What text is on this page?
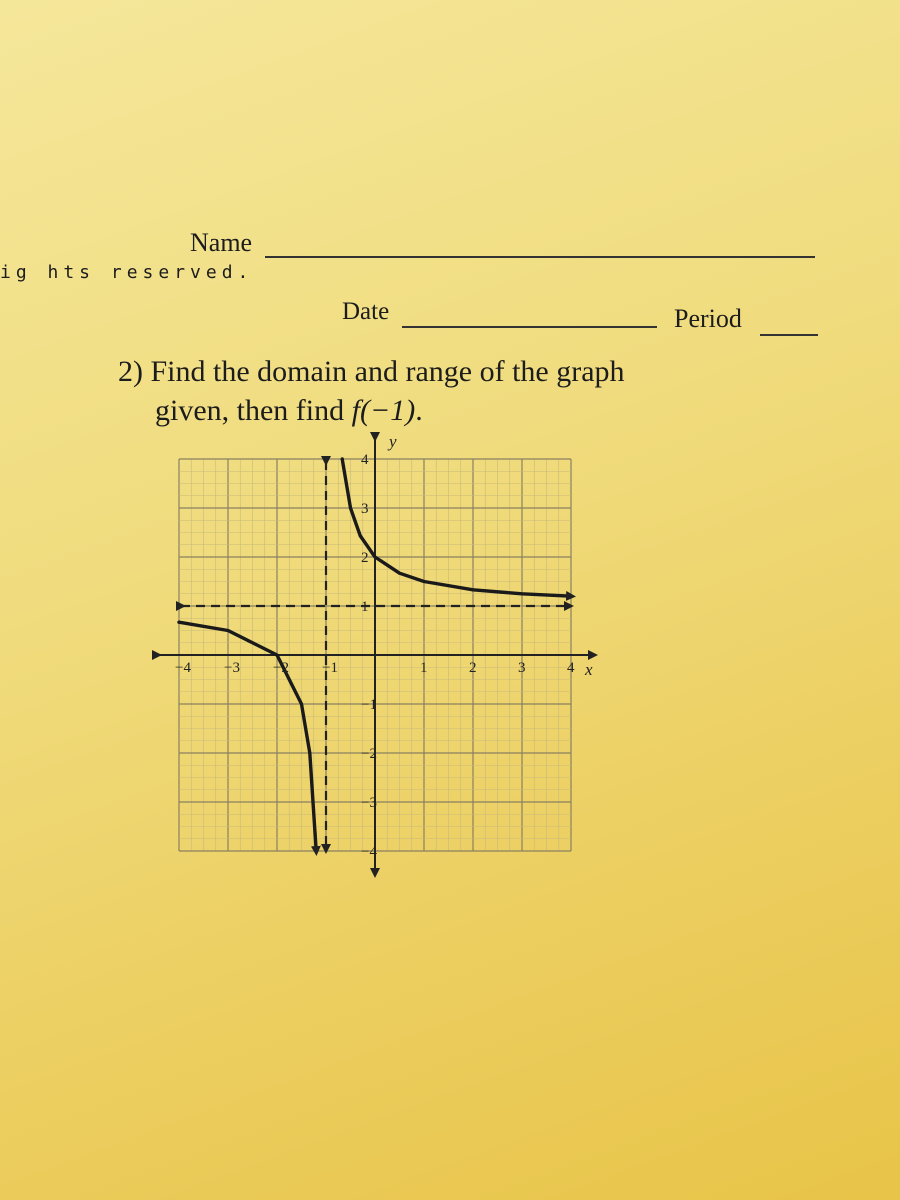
Name
ig hts reserved.
Date	Period
2) Find the domain and range of the graph
given, then find f(−1).
x
y
−4 −3 −2 −1	1	2	3	4
4
3
2
1
−1
−2
−3
−4
